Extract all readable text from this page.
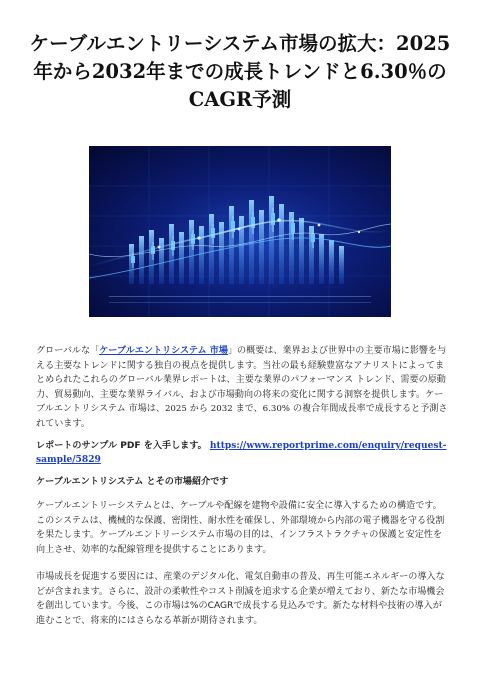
ケーブルエントリーシステム市場の拡大：2025年から2032年までの成長トレンドと6.30％のCAGR予測

グローバルな「ケーブルエントリシステム 市場」の概要は、業界および世界中の主要市場に影響を与える主要なトレンドに関する独自の視点を提供します。当社の最も経験豊富なアナリストによってまとめられたこれらのグローバル業界レポートは、主要な業界のパフォーマンス トレンド、需要の原動力、貿易動向、主要な業界ライバル、および市場動向の将来の変化に関する洞察を提供します。ケーブルエントリシステム 市場は、2025 から 2032 まで、6.30% の複合年間成長率で成長すると予測されています。

レポートのサンプル PDF を入手します。 https://www.reportprime.com/enquiry/request-sample/5829

ケーブルエントリシステム とその市場紹介です

ケーブルエントリーシステムとは、ケーブルや配線を建物や設備に安全に導入するための構造です。このシステムは、機械的な保護、密閉性、耐水性を確保し、外部環境から内部の電子機器を守る役割を果たします。ケーブルエントリーシステム市場の目的は、インフラストラクチャの保護と安定性を向上させ、効率的な配線管理を提供することにあります。

市場成長を促進する要因には、産業のデジタル化、電気自動車の普及、再生可能エネルギーの導入などが含まれます。さらに、設計の柔軟性やコスト削減を追求する企業が増えており、新たな市場機会を創出しています。今後、この市場は%のCAGRで成長する見込みです。新たな材料や技術の導入が進むことで、将来的にはさらなる革新が期待されます。
